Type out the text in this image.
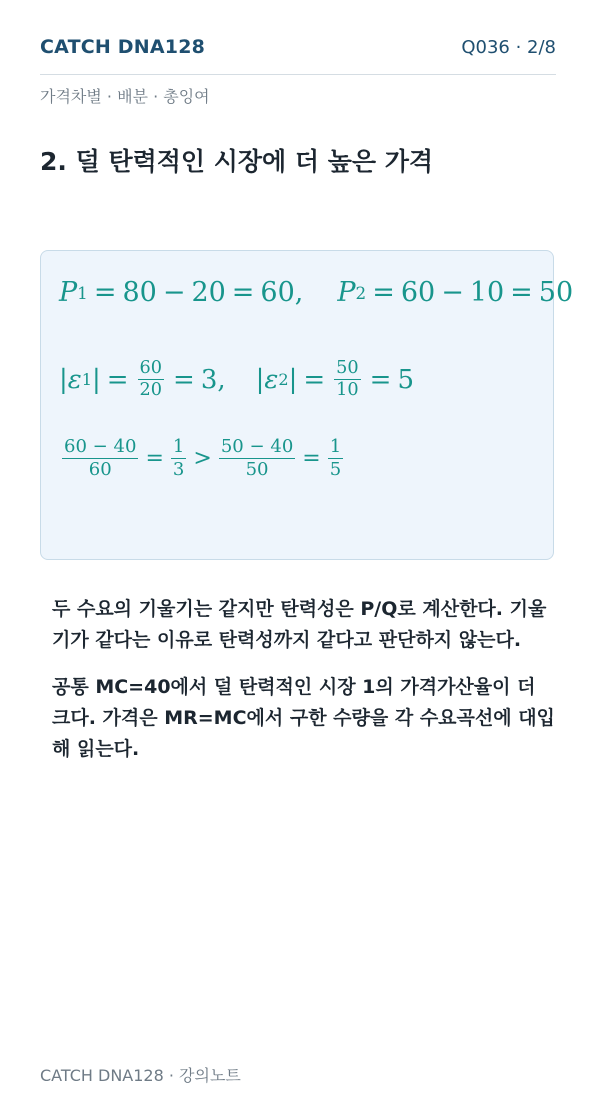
CATCH DNA128	Q036 · 2/8
가격차별 · 배분 · 총잉여
2. 덜 탄력적인 시장에 더 높은 가격
P 1 = 80 − 20 = 60, P 2 = 60 − 10 = 50
| ε 1 | = $\frac{60}{20} = 3$, | ε 2 | = $\frac{50}{10} = 5$
$\frac{60 - 40}{60} = \frac{1}{3} > \frac{50 - 40}{50} = \frac{1}{5}$

두 수요의 기울기는 같지만 탄력성은 P/Q로 계산한다. 기울기가 같다는 이유로 탄력성까지 같다고 판단하지 않는다.

공통 MC=40에서 덜 탄력적인 시장 1의 가격가산율이 더 크다. 가격은 MR=MC에서 구한 수량을 각 수요곡선에 대입해 읽는다.

CATCH DNA128 · 강의노트
